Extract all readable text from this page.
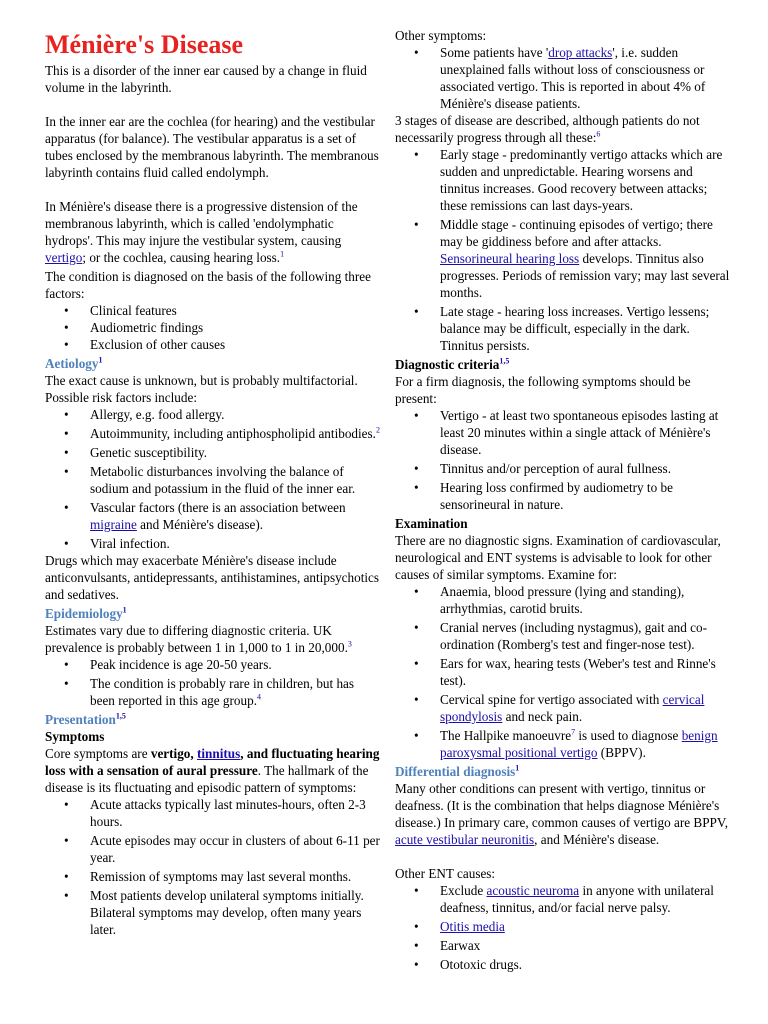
Ménière's Disease

This is a disorder of the inner ear caused by a change in fluid volume in the labyrinth.

In the inner ear are the cochlea (for hearing) and the vestibular apparatus (for balance). The vestibular apparatus is a set of tubes enclosed by the membranous labyrinth. The membranous labyrinth contains fluid called endolymph.

In Ménière's disease there is a progressive distension of the membranous labyrinth, which is called 'endolymphatic hydrops'. This may injure the vestibular system, causing vertigo; or the cochlea, causing hearing loss.$^1$

The condition is diagnosed on the basis of the following three factors:

• Clinical features
• Audiometric findings
• Exclusion of other causes

Aetiology$^1$

The exact cause is unknown, but is probably multifactorial. Possible risk factors include:

• Allergy, e.g. food allergy.
• Autoimmunity, including antiphospholipid antibodies.$^2$
• Genetic susceptibility.
• Metabolic disturbances involving the balance of sodium and potassium in the fluid of the inner ear.
• Vascular factors (there is an association between migraine and Ménière's disease).
• Viral infection.

Drugs which may exacerbate Ménière's disease include anticonvulsants, antidepressants, antihistamines, antipsychotics and sedatives.

Epidemiology$^1$

Estimates vary due to differing diagnostic criteria. UK prevalence is probably between 1 in 1,000 to 1 in 20,000.$^3$

• Peak incidence is age 20-50 years.
• The condition is probably rare in children, but has been reported in this age group.$^4$

Presentation$^{1,5}$

Symptoms

Core symptoms are vertigo, tinnitus, and fluctuating hearing loss with a sensation of aural pressure. The hallmark of the disease is its fluctuating and episodic pattern of symptoms:

• Acute attacks typically last minutes-hours, often 2-3 hours.
• Acute episodes may occur in clusters of about 6-11 per year.
• Remission of symptoms may last several months.
• Most patients develop unilateral symptoms initially. Bilateral symptoms may develop, often many years later.

Other symptoms:

• Some patients have 'drop attacks', i.e. sudden unexplained falls without loss of consciousness or associated vertigo. This is reported in about 4% of Ménière's disease patients.

3 stages of disease are described, although patients do not necessarily progress through all these:$^6$

• Early stage - predominantly vertigo attacks which are sudden and unpredictable. Hearing worsens and tinnitus increases. Good recovery between attacks; these remissions can last days-years.
• Middle stage - continuing episodes of vertigo; there may be giddiness before and after attacks. Sensorineural hearing loss develops. Tinnitus also progresses. Periods of remission vary; may last several months.
• Late stage - hearing loss increases. Vertigo lessens; balance may be difficult, especially in the dark. Tinnitus persists.

Diagnostic criteria$^{1,5}$

For a firm diagnosis, the following symptoms should be present:

• Vertigo - at least two spontaneous episodes lasting at least 20 minutes within a single attack of Ménière's disease.
• Tinnitus and/or perception of aural fullness.
• Hearing loss confirmed by audiometry to be sensorineural in nature.

Examination

There are no diagnostic signs. Examination of cardiovascular, neurological and ENT systems is advisable to look for other causes of similar symptoms. Examine for:

• Anaemia, blood pressure (lying and standing), arrhythmias, carotid bruits.
• Cranial nerves (including nystagmus), gait and co-ordination (Romberg's test and finger-nose test).
• Ears for wax, hearing tests (Weber's test and Rinne's test).
• Cervical spine for vertigo associated with cervical spondylosis and neck pain.
• The Hallpike manoeuvre$^7$ is used to diagnose benign paroxysmal positional vertigo (BPPV).

Differential diagnosis$^1$

Many other conditions can present with vertigo, tinnitus or deafness. (It is the combination that helps diagnose Ménière's disease.) In primary care, common causes of vertigo are BPPV, acute vestibular neuronitis, and Ménière's disease.

Other ENT causes:

• Exclude acoustic neuroma in anyone with unilateral deafness, tinnitus, and/or facial nerve palsy.
• Otitis media
• Earwax
• Ototoxic drugs.
